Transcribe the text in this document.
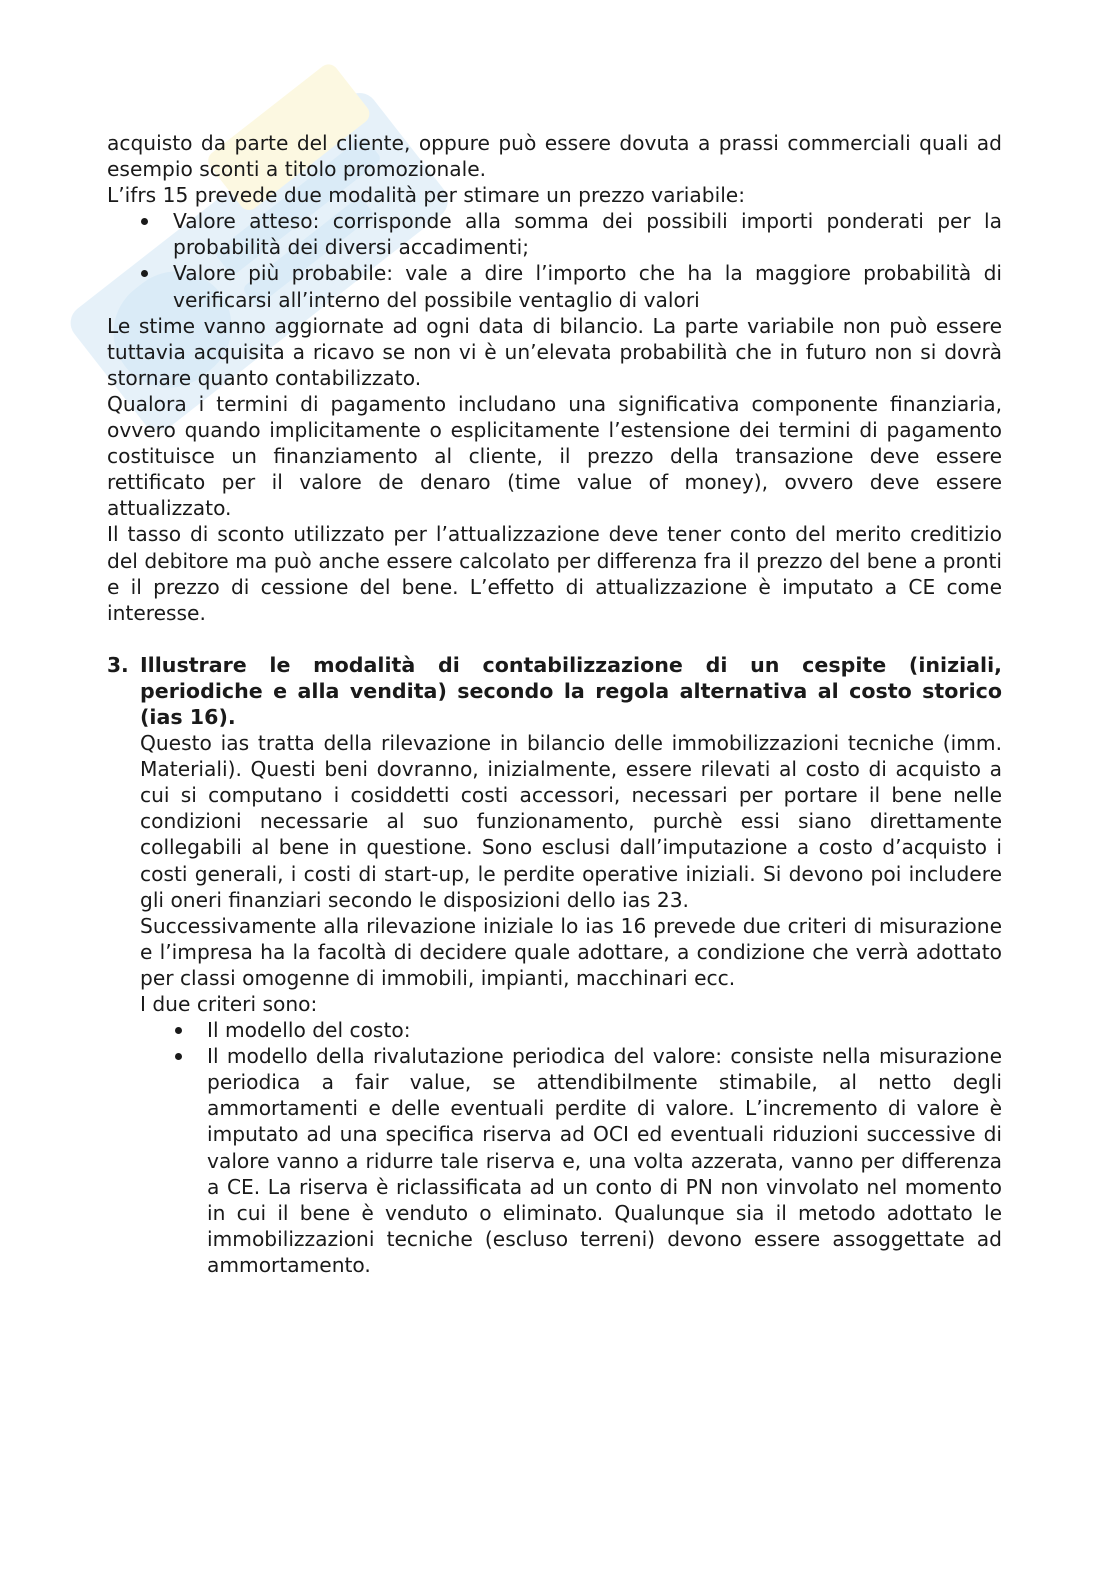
acquisto da parte del cliente, oppure può essere dovuta a prassi commerciali quali ad esempio sconti a titolo promozionale.

L’ifrs 15 prevede due modalità per stimare un prezzo variabile:

Valore atteso: corrisponde alla somma dei possibili importi ponderati per la probabilità dei diversi accadimenti;
Valore più probabile: vale a dire l’importo che ha la maggiore probabilità di verificarsi all’interno del possibile ventaglio di valori

Le stime vanno aggiornate ad ogni data di bilancio. La parte variabile non può essere tuttavia acquisita a ricavo se non vi è un’elevata probabilità che in futuro non si dovrà stornare quanto contabilizzato.

Qualora i termini di pagamento includano una significativa componente finanziaria, ovvero quando implicitamente o esplicitamente l’estensione dei termini di pagamento costituisce un finanziamento al cliente, il prezzo della transazione deve essere rettificato per il valore de denaro (time value of money), ovvero deve essere attualizzato.

Il tasso di sconto utilizzato per l’attualizzazione deve tener conto del merito creditizio del debitore ma può anche essere calcolato per differenza fra il prezzo del bene a pronti e il prezzo di cessione del bene. L’effetto di attualizzazione è imputato a CE come interesse.

3. Illustrare le modalità di contabilizzazione di un cespite (iniziali, periodiche e alla vendita) secondo la regola alternativa al costo storico (ias 16).

Questo ias tratta della rilevazione in bilancio delle immobilizzazioni tecniche (imm. Materiali). Questi beni dovranno, inizialmente, essere rilevati al costo di acquisto a cui si computano i cosiddetti costi accessori, necessari per portare il bene nelle condizioni necessarie al suo funzionamento, purchè essi siano direttamente collegabili al bene in questione. Sono esclusi dall’imputazione a costo d’acquisto i costi generali, i costi di start-up, le perdite operative iniziali. Si devono poi includere gli oneri finanziari secondo le disposizioni dello ias 23.

Successivamente alla rilevazione iniziale lo ias 16 prevede due criteri di misurazione e l’impresa ha la facoltà di decidere quale adottare, a condizione che verrà adottato per classi omogenne di immobili, impianti, macchinari ecc.

I due criteri sono:

Il modello del costo:
Il modello della rivalutazione periodica del valore: consiste nella misurazione periodica a fair value, se attendibilmente stimabile, al netto degli ammortamenti e delle eventuali perdite di valore. L’incremento di valore è imputato ad una specifica riserva ad OCI ed eventuali riduzioni successive di valore vanno a ridurre tale riserva e, una volta azzerata, vanno per differenza a CE. La riserva è riclassificata ad un conto di PN non vinvolato nel momento in cui il bene è venduto o eliminato. Qualunque sia il metodo adottato le immobilizzazioni tecniche (escluso terreni) devono essere assoggettate ad ammortamento.
